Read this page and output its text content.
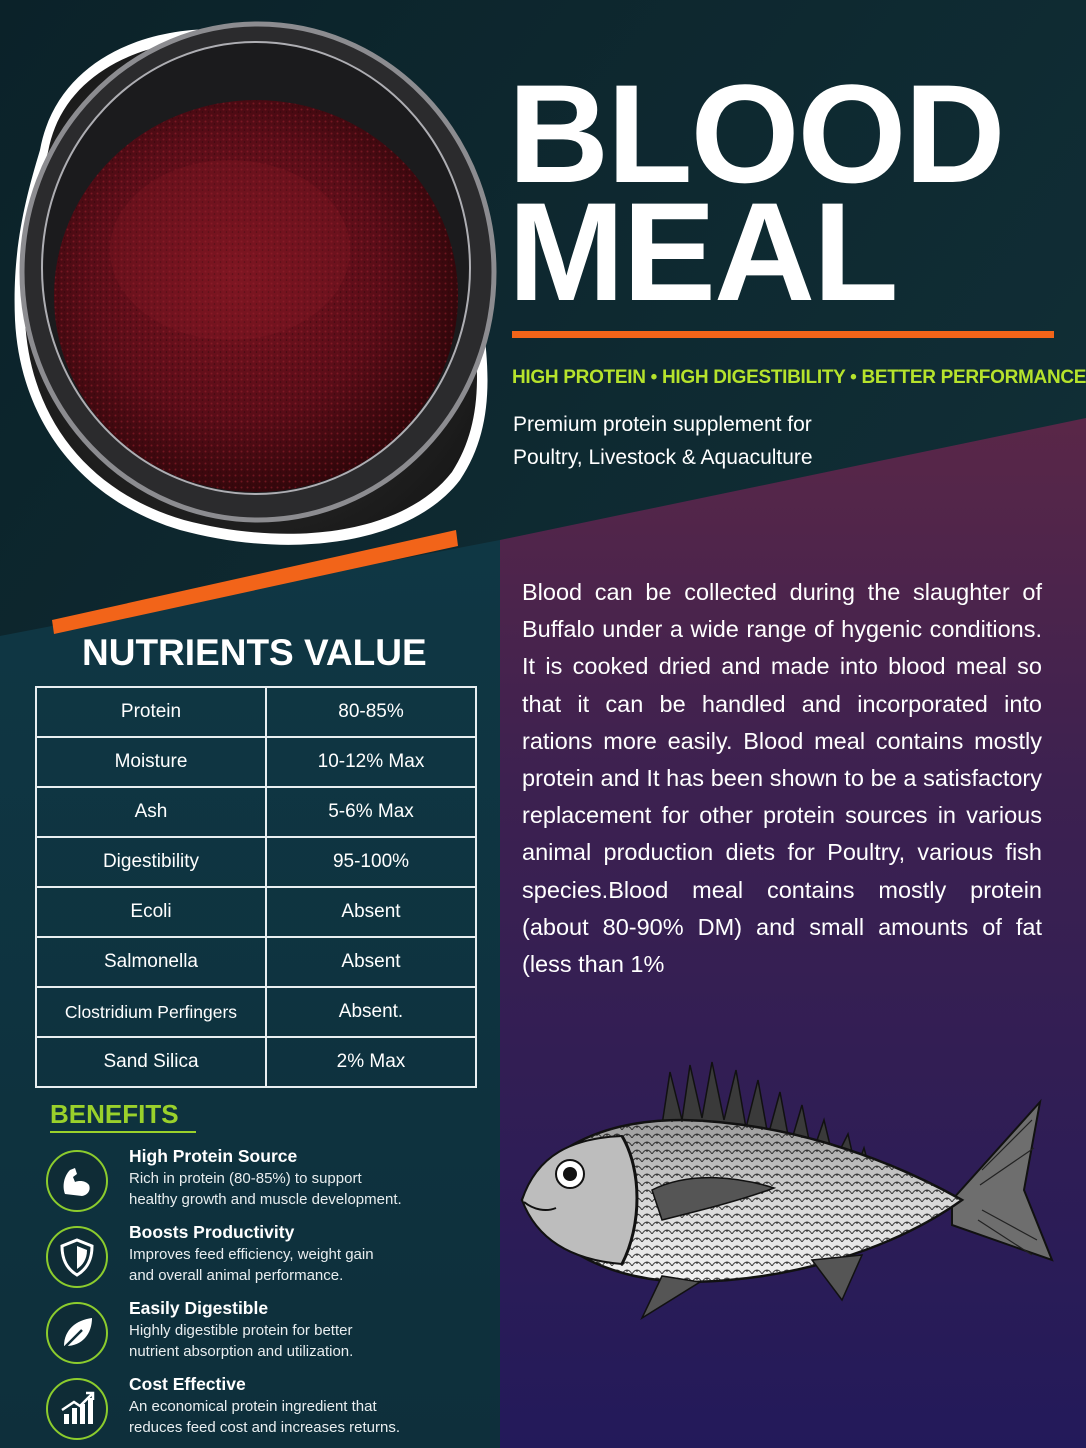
BLOOD
MEAL
HIGH PROTEIN • HIGH DIGESTIBILITY • BETTER PERFORMANCE
Premium protein supplement for
Poultry, Livestock & Aquaculture
NUTRIENTS VALUE
Protein	80-85%
Moisture	10-12% Max
Ash	5-6% Max
Digestibility	95-100%
Ecoli	Absent
Salmonella	Absent
Clostridium Perfingers	Absent.
Sand Silica	2% Max
Blood can be collected during the slaughter of Buffalo under a wide range of hygenic conditions. It is cooked dried and made into blood meal so that it can be handled and incorporated into rations more easily. Blood meal contains mostly protein and It has been shown to be a satisfactory replacement for other protein sources in various animal production diets for Poultry, various fish species.Blood meal contains mostly protein (about 80-90% DM) and small amounts of fat (less than 1%
BENEFITS
High Protein Source
Rich in protein (80-85%) to support
healthy growth and muscle development.
Boosts Productivity
Improves feed efficiency, weight gain
and overall animal performance.
Easily Digestible
Highly digestible protein for better
nutrient absorption and utilization.
Cost Effective
An economical protein ingredient that
reduces feed cost and increases returns.
